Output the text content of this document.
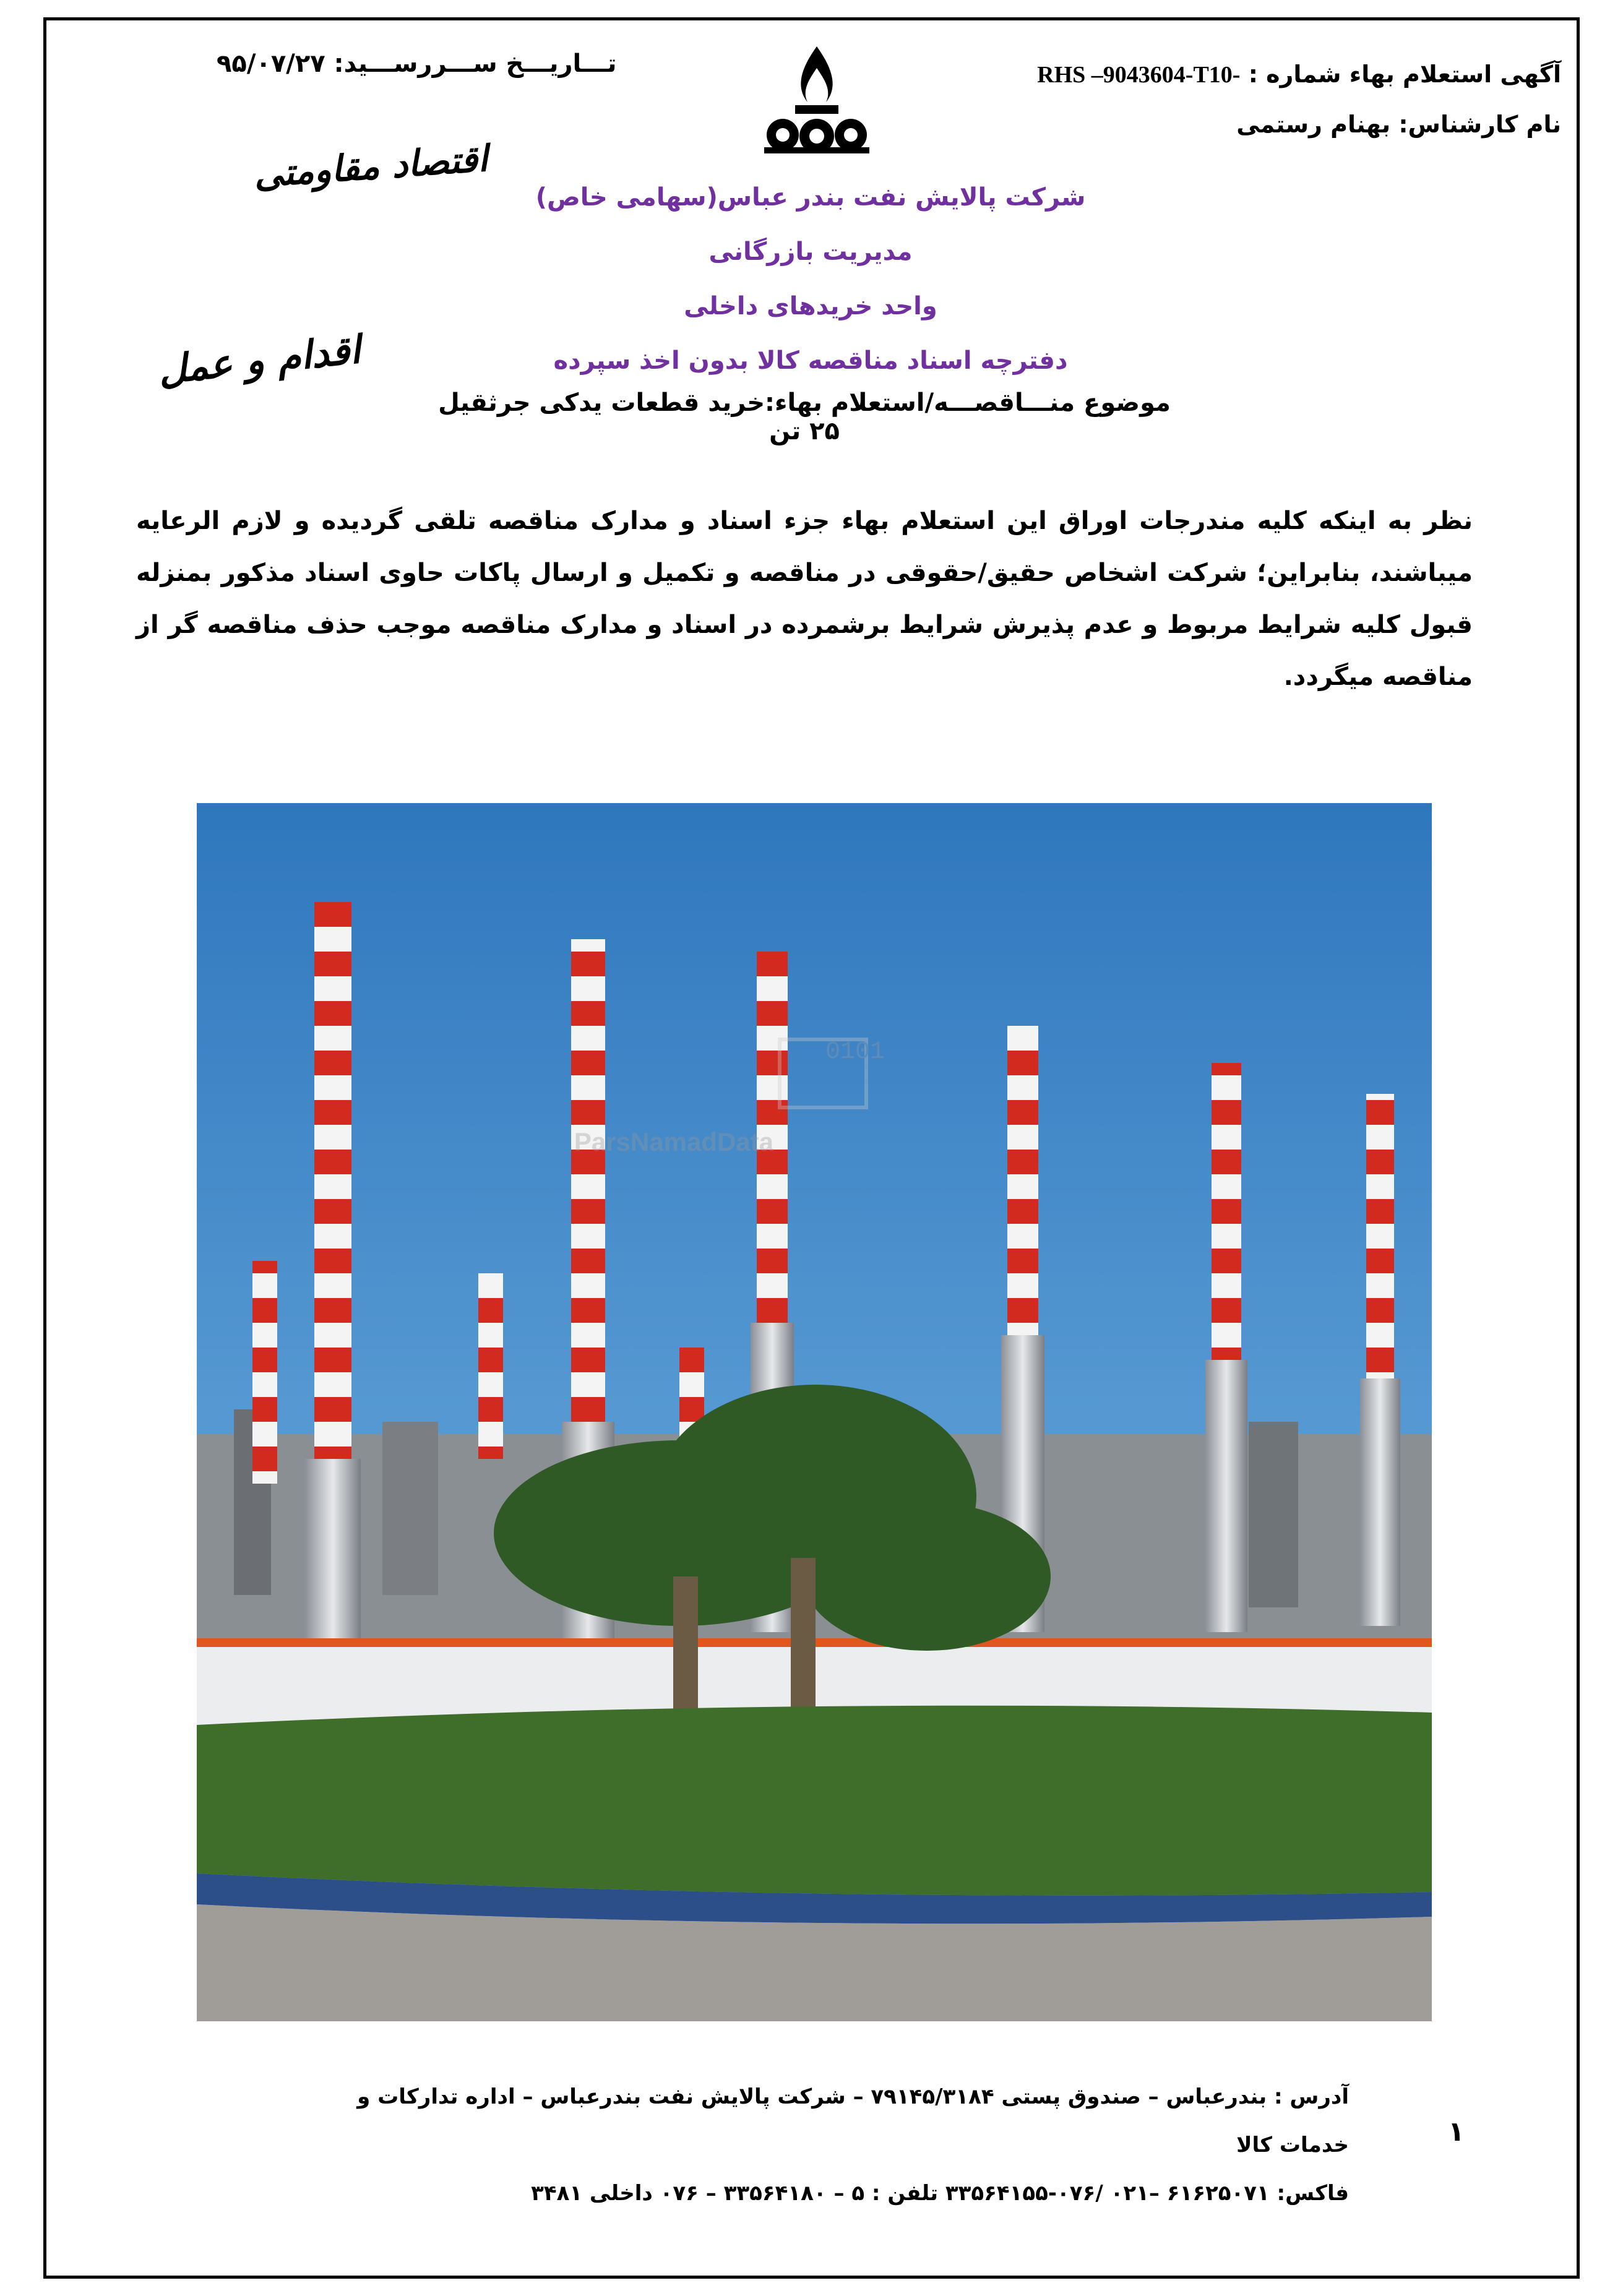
آگهی استعلام بهاء شماره : RHS –9043604-T10-
نام کارشناس: بهنام رستمی
تـــاریـــخ ســـررســـید: ۹۵/۰۷/۲۷
اقتصاد مقاومتی
اقدام و عمل
شرکت پالایش نفت بندر عباس(سهامی خاص)
مدیریت بازرگانی
واحد خریدهای داخلی
دفترچه اسناد مناقصه کالا بدون اخذ سپرده
موضوع منـــاقصـــه/استعلام بهاء:خرید قطعات یدکی جرثقیل ۲۵ تن
نظر به اینکه کلیه مندرجات اوراق این استعلام بهاء جزء اسناد و مدارک مناقصه تلقی گردیده و لازم الرعایه میباشند، بنابراین؛ شرکت اشخاص حقیق/حقوقی در مناقصه و تکمیل و ارسال پاکات حاوی اسناد مذکور بمنزله قبول کلیه شرایط مربوط و عدم پذیرش شرایط برشمرده در اسناد و مدارک مناقصه موجب حذف مناقصه گر از مناقصه میگردد.
0101
ParsNamadData
آدرس : بندرعباس – صندوق پستی ۷۹۱۴۵/۳۱۸۴ – شرکت پالایش نفت بندرعباس – اداره تدارکات و خدمات کالا
فاکس: ۶۱۶۲۵۰۷۱ –۰۲۱ /۰۷۶-۳۳۵۶۴۱۵۵ تلفن : ۵ – ۳۳۵۶۴۱۸۰ – ۰۷۶ داخلی ۳۴۸۱
۱
